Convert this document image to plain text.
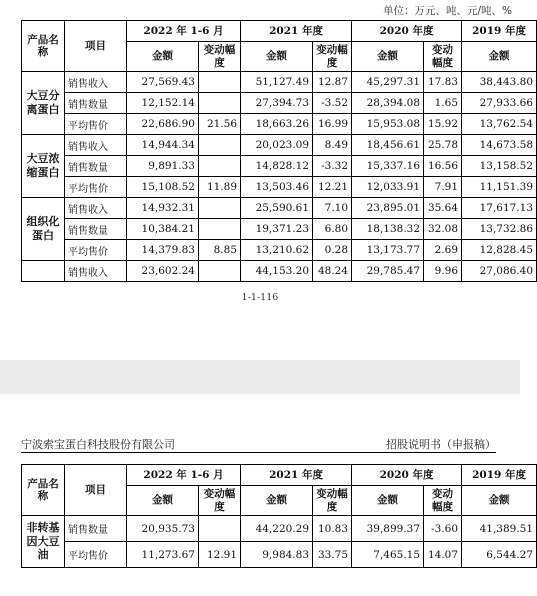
单位：万元、吨、元/吨、%
产品名称	项目	2022 年 1-6 月		2021 年度		2020 年度		2019 年度
		金额	变动幅度	金额	变动幅度	金额	变动幅度	金额
大豆分离蛋白	销售收入	27,569.43		51,127.49	12.87	45,297.31	17.83	38,443.80
	销售数量	12,152.14		27,394.73	-3.52	28,394.08	1.65	27,933.66
	平均售价	22,686.90	21.56	18,663.26	16.99	15,953.08	15.92	13,762.54
大豆浓缩蛋白	销售收入	14,944.34		20,023.09	8.49	18,456.61	25.78	14,673.58
	销售数量	9,891.33		14,828.12	-3.32	15,337.16	16.56	13,158.52
	平均售价	15,108.52	11.89	13,503.46	12.21	12,033.91	7.91	11,151.39
组织化蛋白	销售收入	14,932.31		25,590.61	7.10	23,895.01	35.64	17,617.13
	销售数量	10,384.21		19,371.23	6.80	18,138.32	32.08	13,732.86
	平均售价	14,379.83	8.85	13,210.62	0.28	13,173.77	2.69	12,828.45
	销售收入	23,602.24		44,153.20	48.24	29,785.47	9.96	27,086.40
1-1-116
宁波索宝蛋白科技股份有限公司	招股说明书（申报稿）
产品名称	项目	2022 年 1-6 月		2021 年度		2020 年度		2019 年度
		金额	变动幅度	金额	变动幅度	金额	变动幅度	金额
非转基因大豆油	销售数量	20,935.73		44,220.29	10.83	39,899.37	-3.60	41,389.51
	平均售价	11,273.67	12.91	9,984.83	33.75	7,465.15	14.07	6,544.27
